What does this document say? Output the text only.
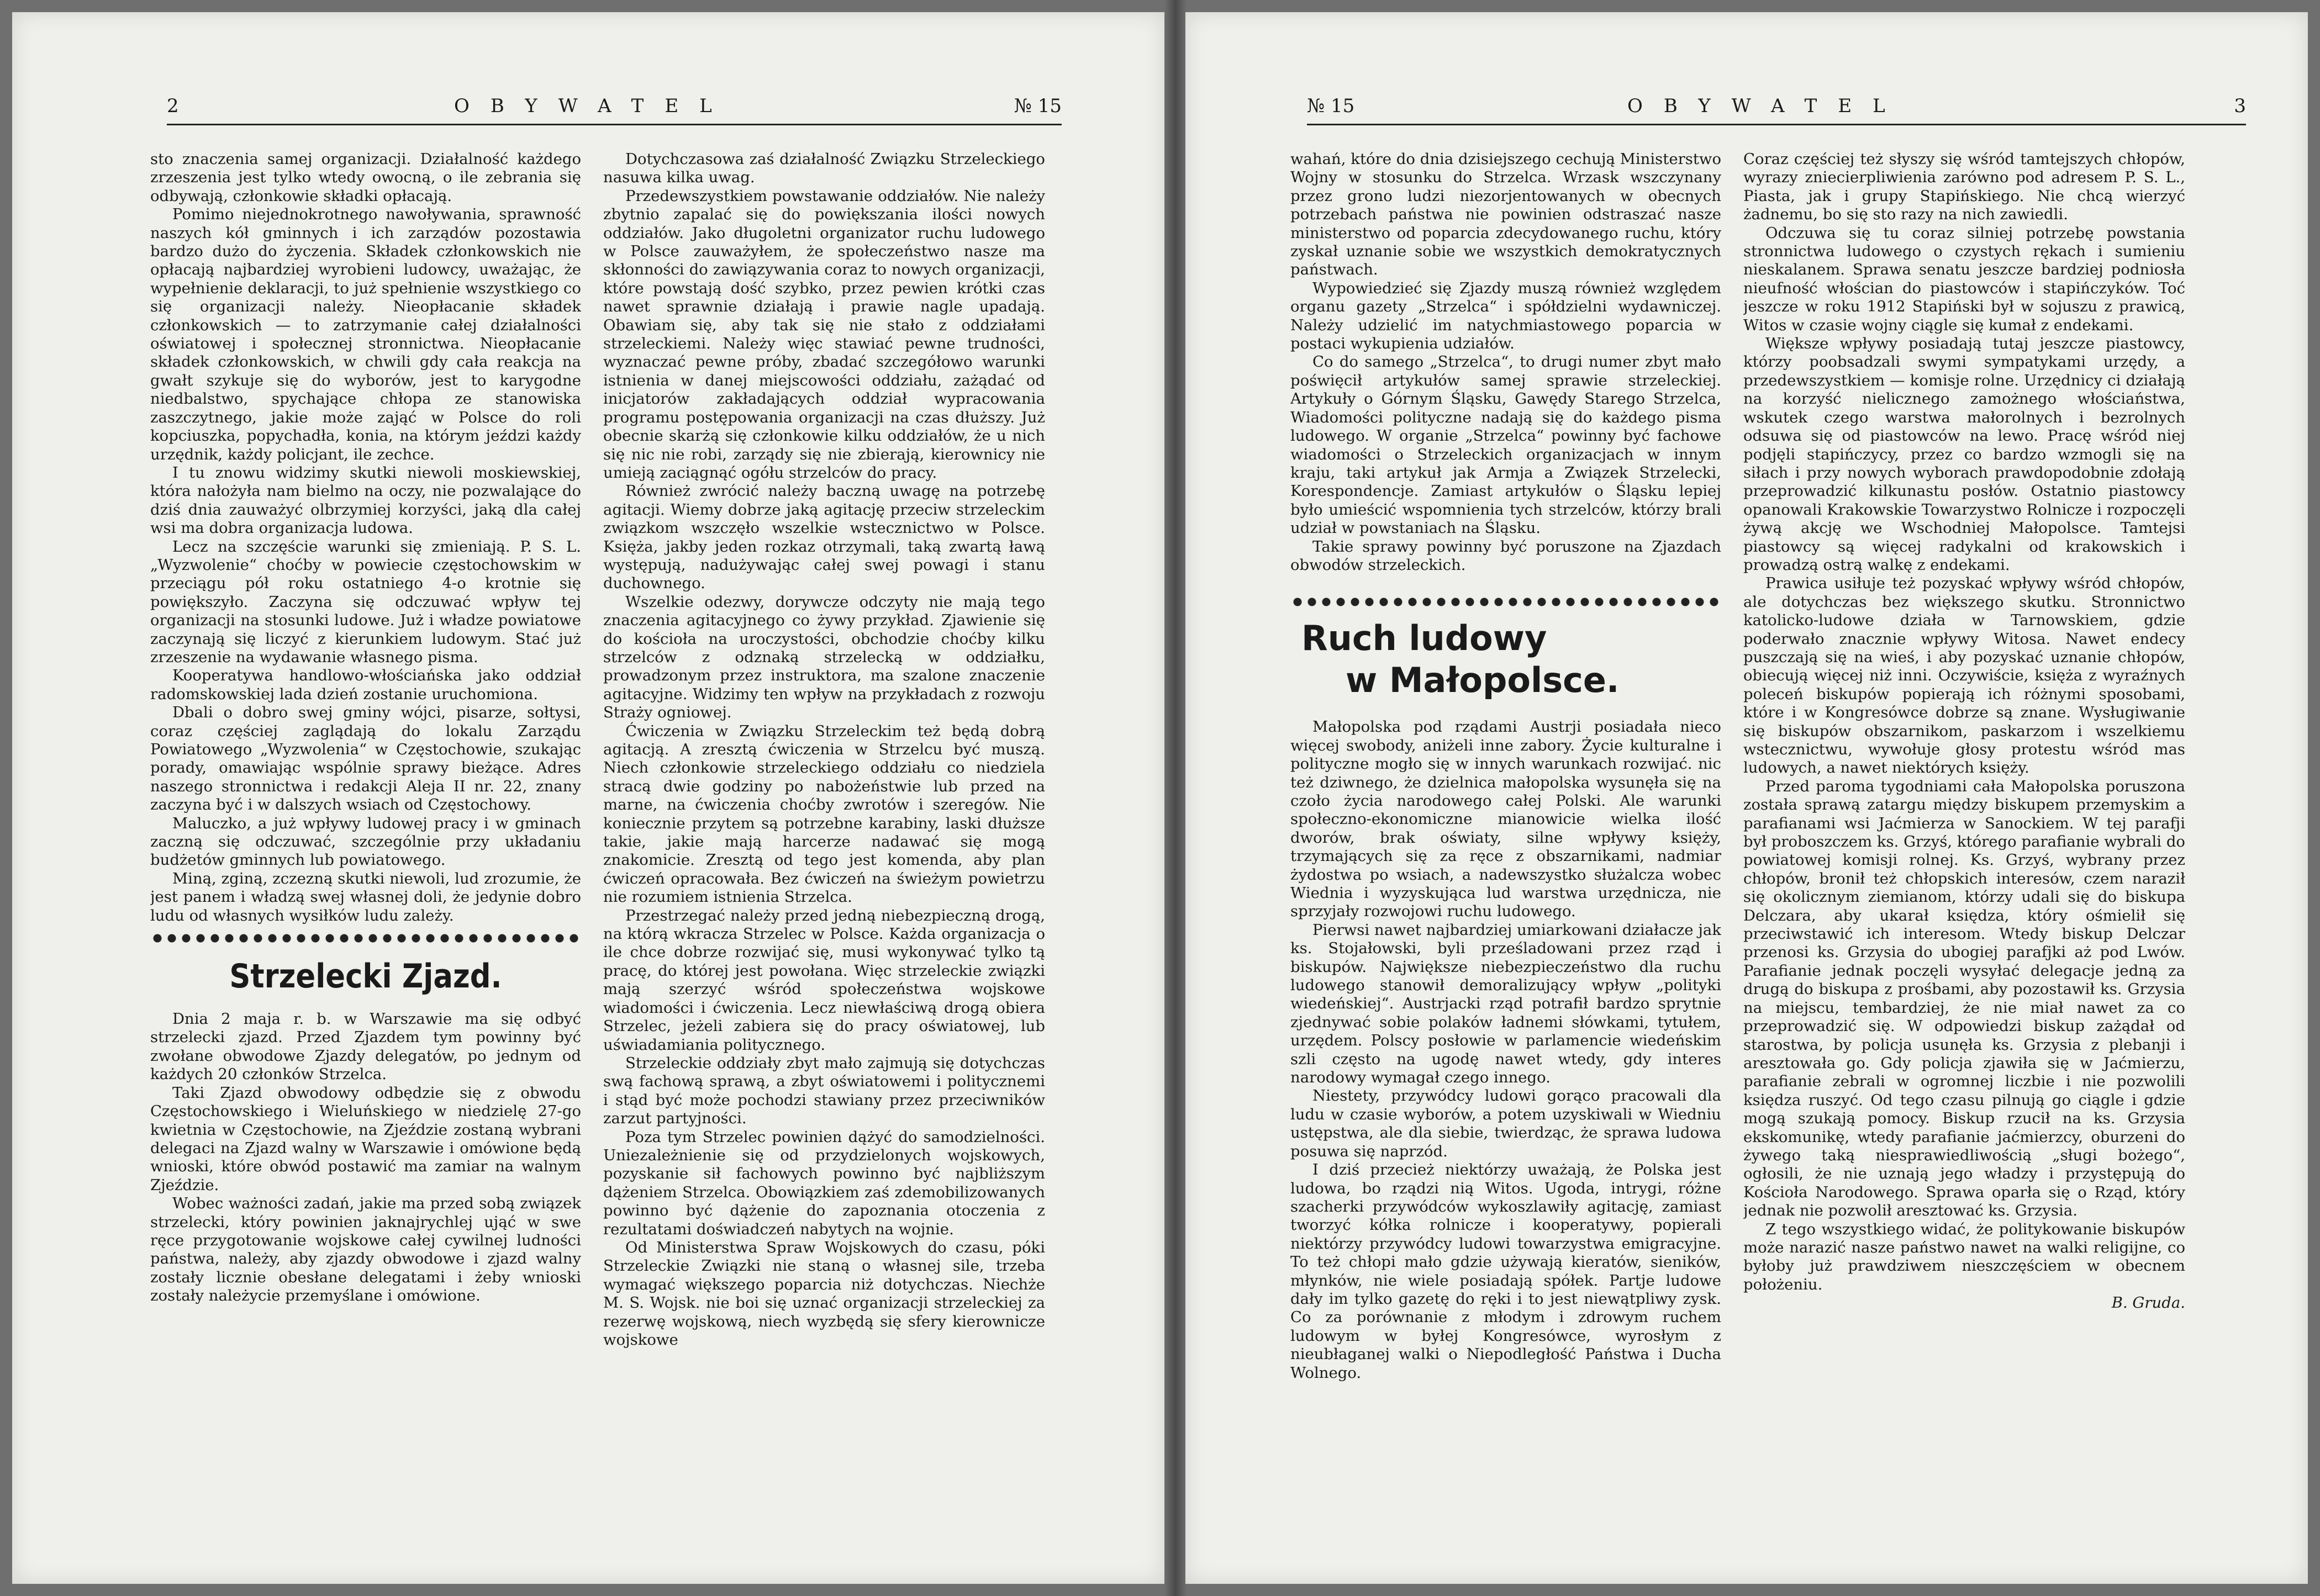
2	OBYWATEL	№ 15

sto znaczenia samej organizacji. Działalność każdego zrzeszenia jest tylko wtedy owocną, o ile zebrania się odbywają, członkowie składki opłacają.

Pomimo niejednokrotnego nawoływania, sprawność naszych kół gminnych i ich zarządów pozostawia bardzo dużo do życzenia. Składek członkowskich nie opłacają najbardziej wyrobieni ludowcy, uważając, że wypełnienie deklaracji, to już spełnienie wszystkiego co się organizacji należy. Nieopłacanie składek członkowskich — to zatrzymanie całej działalności oświatowej i społecznej stronnictwa. Nieopłacanie składek członkowskich, w chwili gdy cała reakcja na gwałt szykuje się do wyborów, jest to karygodne niedbalstwo, spychające chłopa ze stanowiska zaszczytnego, jakie może zająć w Polsce do roli kopciuszka, popychadła, konia, na którym jeździ każdy urzędnik, każdy policjant, ile zechce.

I tu znowu widzimy skutki niewoli moskiewskiej, która nałożyła nam bielmo na oczy, nie pozwalające do dziś dnia zauważyć olbrzymiej korzyści, jaką dla całej wsi ma dobra organizacja ludowa.

Lecz na szczęście warunki się zmieniają. P. S. L. „Wyzwolenie“ choćby w powiecie częstochowskim w przeciągu pół roku ostatniego 4-o krotnie się powiększyło. Zaczyna się odczuwać wpływ tej organizacji na stosunki ludowe. Już i władze powiatowe zaczynają się liczyć z kierunkiem ludowym. Stać już zrzeszenie na wydawanie własnego pisma.

Kooperatywa handlowo-włościańska jako oddział radomskowskiej lada dzień zostanie uruchomiona.

Dbali o dobro swej gminy wójci, pisarze, sołtysi, coraz częściej zaglądają do lokalu Zarządu Powiatowego „Wyzwolenia“ w Częstochowie, szukając porady, omawiając wspólnie sprawy bieżące. Adres naszego stronnictwa i redakcji Aleja II nr. 22, znany zaczyna być i w dalszych wsiach od Częstochowy.

Maluczko, a już wpływy ludowej pracy i w gminach zaczną się odczuwać, szczególnie przy układaniu budżetów gminnych lub powiatowego.

Miną, zginą, zczezną skutki niewoli, lud zrozumie, że jest panem i władzą swej własnej doli, że jedynie dobro ludu od własnych wysiłków ludu zależy.

Strzelecki Zjazd.

Dnia 2 maja r. b. w Warszawie ma się odbyć strzelecki zjazd. Przed Zjazdem tym powinny być zwołane obwodowe Zjazdy delegatów, po jednym od każdych 20 członków Strzelca.

Taki Zjazd obwodowy odbędzie się z obwodu Częstochowskiego i Wieluńskiego w niedzielę 27-go kwietnia w Częstochowie, na Zjeździe zostaną wybrani delegaci na Zjazd walny w Warszawie i omówione będą wnioski, które obwód postawić ma zamiar na walnym Zjeździe.

Wobec ważności zadań, jakie ma przed sobą związek strzelecki, który powinien jaknajrychlej ująć w swe ręce przygotowanie wojskowe całej cywilnej ludności państwa, należy, aby zjazdy obwodowe i zjazd walny zostały licznie obesłane delegatami i żeby wnioski zostały należycie przemyślane i omówione.

Dotychczasowa zaś działalność Związku Strzeleckiego nasuwa kilka uwag.

Przedewszystkiem powstawanie oddziałów. Nie należy zbytnio zapalać się do powiększania ilości nowych oddziałów. Jako długoletni organizator ruchu ludowego w Polsce zauważyłem, że społeczeństwo nasze ma skłonności do zawiązywania coraz to nowych organizacji, które powstają dość szybko, przez pewien krótki czas nawet sprawnie działają i prawie nagle upadają. Obawiam się, aby tak się nie stało z oddziałami strzeleckiemi. Należy więc stawiać pewne trudności, wyznaczać pewne próby, zbadać szczegółowo warunki istnienia w danej miejscowości oddziału, zażądać od inicjatorów zakładających oddział wypracowania programu postępowania organizacji na czas dłuższy. Już obecnie skarżą się członkowie kilku oddziałów, że u nich się nic nie robi, zarządy się nie zbierają, kierownicy nie umieją zaciągnąć ogółu strzelców do pracy.

Również zwrócić należy baczną uwagę na potrzebę agitacji. Wiemy dobrze jaką agitację przeciw strzeleckim związkom wszczęło wszelkie wstecznictwo w Polsce. Księża, jakby jeden rozkaz otrzymali, taką zwartą ławą występują, nadużywając całej swej powagi i stanu duchownego.

Wszelkie odezwy, dorywcze odczyty nie mają tego znaczenia agitacyjnego co żywy przykład. Zjawienie się do kościoła na uroczystości, obchodzie choćby kilku strzelców z odznaką strzelecką w oddziałku, prowadzonym przez instruktora, ma szalone znaczenie agitacyjne. Widzimy ten wpływ na przykładach z rozwoju Straży ogniowej.

Ćwiczenia w Związku Strzeleckim też będą dobrą agitacją. A zresztą ćwiczenia w Strzelcu być muszą. Niech członkowie strzeleckiego oddziału co niedziela stracą dwie godziny po nabożeństwie lub przed na marne, na ćwiczenia choćby zwrotów i szeregów. Nie koniecznie przytem są potrzebne karabiny, laski dłuższe takie, jakie mają harcerze nadawać się mogą znakomicie. Zresztą od tego jest komenda, aby plan ćwiczeń opracowała. Bez ćwiczeń na świeżym powietrzu nie rozumiem istnienia Strzelca.

Przestrzegać należy przed jedną niebezpieczną drogą, na którą wkracza Strzelec w Polsce. Każda organizacja o ile chce dobrze rozwijać się, musi wykonywać tylko tą pracę, do której jest powołana. Więc strzeleckie związki mają szerzyć wśród społeczeństwa wojskowe wiadomości i ćwiczenia. Lecz niewłaściwą drogą obiera Strzelec, jeżeli zabiera się do pracy oświatowej, lub uświadamiania politycznego.

Strzeleckie oddziały zbyt mało zajmują się dotychczas swą fachową sprawą, a zbyt oświatowemi i politycznemi i stąd być może pochodzi stawiany przez przeciwników zarzut partyjności.

Poza tym Strzelec powinien dążyć do samodzielności. Uniezależnienie się od przydzielonych wojskowych, pozyskanie sił fachowych powinno być najbliższym dążeniem Strzelca. Obowiązkiem zaś zdemobilizowanych powinno być dążenie do zapoznania otoczenia z rezultatami doświadczeń nabytych na wojnie.

Od Ministerstwa Spraw Wojskowych do czasu, póki Strzeleckie Związki nie staną o własnej sile, trzeba wymagać większego poparcia niż dotychczas. Niechże M. S. Wojsk. nie boi się uznać organizacji strzeleckiej za rezerwę wojskową, niech wyzbędą się sfery kierownicze wojskowe

№ 15	OBYWATEL	3

wahań, które do dnia dzisiejszego cechują Ministerstwo Wojny w stosunku do Strzelca. Wrzask wszczynany przez grono ludzi niezorjentowanych w obecnych potrzebach państwa nie powinien odstraszać nasze ministerstwo od poparcia zdecydowanego ruchu, który zyskał uznanie sobie we wszystkich demokratycznych państwach.

Wypowiedzieć się Zjazdy muszą również względem organu gazety „Strzelca“ i spółdzielni wydawniczej. Należy udzielić im natychmiastowego poparcia w postaci wykupienia udziałów.

Co do samego „Strzelca“, to drugi numer zbyt mało poświęcił artykułów samej sprawie strzeleckiej. Artykuły o Górnym Śląsku, Gawędy Starego Strzelca, Wiadomości polityczne nadają się do każdego pisma ludowego. W organie „Strzelca“ powinny być fachowe wiadomości o Strzeleckich organizacjach w innym kraju, taki artykuł jak Armja a Związek Strzelecki, Korespondencje. Zamiast artykułów o Śląsku lepiej było umieścić wspomnienia tych strzelców, którzy brali udział w powstaniach na Śląsku.

Takie sprawy powinny być poruszone na Zjazdach obwodów strzeleckich.

Ruch ludowy
w Małopolsce.

Małopolska pod rządami Austrji posiadała nieco więcej swobody, aniżeli inne zabory. Życie kulturalne i polityczne mogło się w innych warunkach rozwijać. nic też dziwnego, że dzielnica małopolska wysunęła się na czoło życia narodowego całej Polski. Ale warunki społeczno-ekonomiczne mianowicie wielka ilość dworów, brak oświaty, silne wpływy księży, trzymających się za ręce z obszarnikami, nadmiar żydostwa po wsiach, a nadewszystko służalcza wobec Wiednia i wyzyskująca lud warstwa urzędnicza, nie sprzyjały rozwojowi ruchu ludowego.

Pierwsi nawet najbardziej umiarkowani działacze jak ks. Stojałowski, byli prześladowani przez rząd i biskupów. Największe niebezpieczeństwo dla ruchu ludowego stanowił demoralizujący wpływ „polityki wiedeńskiej“. Austrjacki rząd potrafił bardzo sprytnie zjednywać sobie polaków ładnemi słówkami, tytułem, urzędem. Polscy posłowie w parlamencie wiedeńskim szli często na ugodę nawet wtedy, gdy interes narodowy wymagał czego innego.

Niestety, przywódcy ludowi gorąco pracowali dla ludu w czasie wyborów, a potem uzyskiwali w Wiedniu ustępstwa, ale dla siebie, twierdząc, że sprawa ludowa posuwa się naprzód.

I dziś przecież niektórzy uważają, że Polska jest ludowa, bo rządzi nią Witos. Ugoda, intrygi, różne szacherki przywódców wykoszlawiły agitację, zamiast tworzyć kółka rolnicze i kooperatywy, popierali niektórzy przywódcy ludowi towarzystwa emigracyjne. To też chłopi mało gdzie używają kieratów, sieników, młynków, nie wiele posiadają spółek. Partje ludowe dały im tylko gazetę do ręki i to jest niewątpliwy zysk. Co za porównanie z młodym i zdrowym ruchem ludowym w byłej Kongresówce, wyrosłym z nieubłaganej walki o Niepodległość Państwa i Ducha Wolnego.

Coraz częściej też słyszy się wśród tamtejszych chłopów, wyrazy zniecierpliwienia zarówno pod adresem P. S. L., Piasta, jak i grupy Stapińskiego. Nie chcą wierzyć żadnemu, bo się sto razy na nich zawiedli.

Odczuwa się tu coraz silniej potrzebę powstania stronnictwa ludowego o czystych rękach i sumieniu nieskalanem. Sprawa senatu jeszcze bardziej podniosła nieufność włościan do piastowców i stapińczyków. Toć jeszcze w roku 1912 Stapiński był w sojuszu z prawicą, Witos w czasie wojny ciągle się kumał z endekami.

Większe wpływy posiadają tutaj jeszcze piastowcy, którzy poobsadzali swymi sympatykami urzędy, a przedewszystkiem — komisje rolne. Urzędnicy ci działają na korzyść nielicznego zamożnego włościaństwa, wskutek czego warstwa małorolnych i bezrolnych odsuwa się od piastowców na lewo. Pracę wśród niej podjęli stapińczycy, przez co bardzo wzmogli się na siłach i przy nowych wyborach prawdopodobnie zdołają przeprowadzić kilkunastu posłów. Ostatnio piastowcy opanowali Krakowskie Towarzystwo Rolnicze i rozpoczęli żywą akcję we Wschodniej Małopolsce. Tamtejsi piastowcy są więcej radykalni od krakowskich i prowadzą ostrą walkę z endekami.

Prawica usiłuje też pozyskać wpływy wśród chłopów, ale dotychczas bez większego skutku. Stronnictwo katolicko-ludowe działa w Tarnowskiem, gdzie poderwało znacznie wpływy Witosa. Nawet endecy puszczają się na wieś, i aby pozyskać uznanie chłopów, obiecują więcej niż inni. Oczywiście, księża z wyraźnych poleceń biskupów popierają ich różnymi sposobami, które i w Kongresówce dobrze są znane. Wysługiwanie się biskupów obszarnikom, paskarzom i wszelkiemu wstecznictwu, wywołuje głosy protestu wśród mas ludowych, a nawet niektórych księży.

Przed paroma tygodniami cała Małopolska poruszona została sprawą zatargu między biskupem przemyskim a parafianami wsi Jaćmierza w Sanockiem. W tej parafji był proboszczem ks. Grzyś, którego parafianie wybrali do powiatowej komisji rolnej. Ks. Grzyś, wybrany przez chłopów, bronił też chłopskich interesów, czem naraził się okolicznym ziemianom, którzy udali się do biskupa Delczara, aby ukarał księdza, który ośmielił się przeciwstawić ich interesom. Wtedy biskup Delczar przenosi ks. Grzysia do ubogiej parafjki aż pod Lwów. Parafianie jednak poczęli wysyłać delegacje jedną za drugą do biskupa z prośbami, aby pozostawił ks. Grzysia na miejscu, tembardziej, że nie miał nawet za co przeprowadzić się. W odpowiedzi biskup zażądał od starostwa, by policja usunęła ks. Grzysia z plebanji i aresztowała go. Gdy policja zjawiła się w Jaćmierzu, parafianie zebrali w ogromnej liczbie i nie pozwolili księdza ruszyć. Od tego czasu pilnują go ciągle i gdzie mogą szukają pomocy. Biskup rzucił na ks. Grzysia ekskomunikę, wtedy parafianie jaćmierzcy, oburzeni do żywego taką niesprawiedliwością „sługi bożego“, ogłosili, że nie uznają jego władzy i przystępują do Kościoła Narodowego. Sprawa oparła się o Rząd, który jednak nie pozwolił aresztować ks. Grzysia.

Z tego wszystkiego widać, że politykowanie biskupów może narazić nasze państwo nawet na walki religijne, co byłoby już prawdziwem nieszczęściem w obecnem położeniu.

B. Gruda.
